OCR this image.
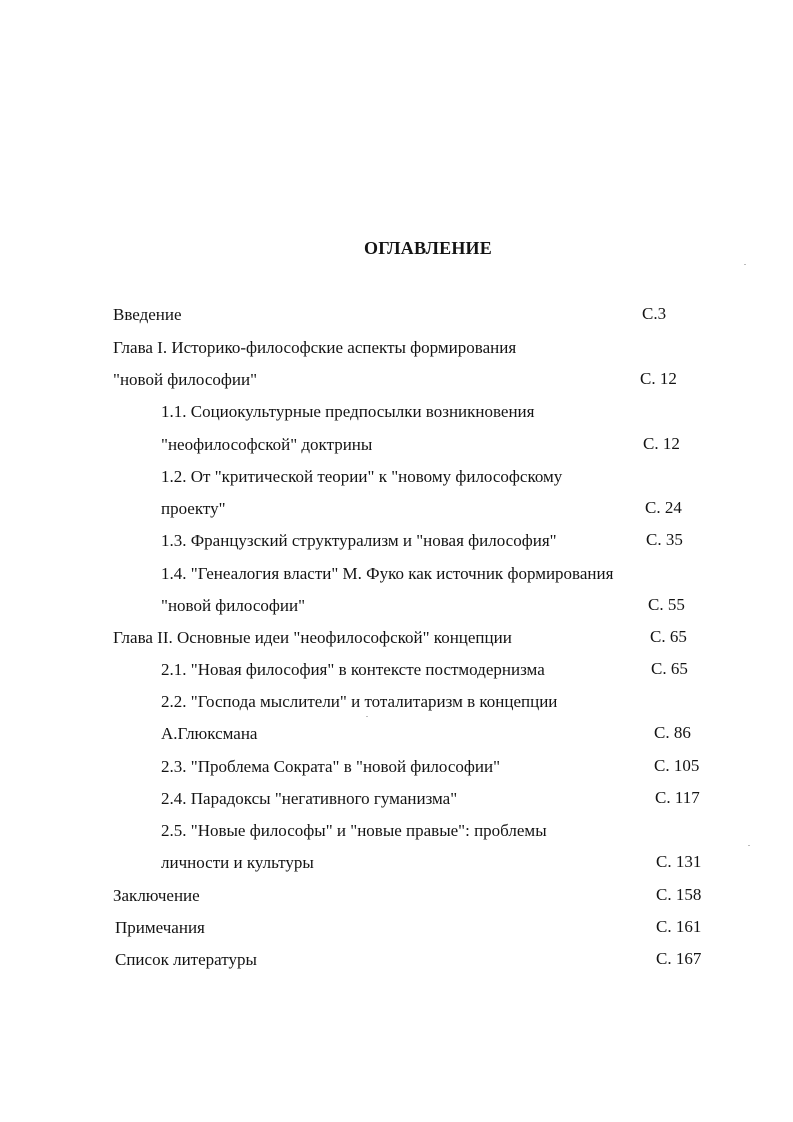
ОГЛАВЛЕНИЕ
Введение	С.3
Глава I. Историко-философские аспекты формирования
"новой философии"	С. 12
1.1. Социокультурные предпосылки возникновения
"неофилософской" доктрины	С. 12
1.2. От "критической теории" к "новому философскому
проекту"	С. 24
1.3. Французский структурализм и "новая философия"	С. 35
1.4. "Генеалогия власти" М. Фуко как источник формирования
"новой философии"	С. 55
Глава II. Основные идеи "неофилософской" концепции	С. 65
2.1. "Новая философия" в контексте постмодернизма	С. 65
2.2. "Господа мыслители" и тоталитаризм в концепции
А.Глюксмана	С. 86
2.3. "Проблема Сократа" в "новой философии"	С. 105
2.4. Парадоксы "негативного гуманизма"	С. 117
2.5. "Новые философы" и "новые правые": проблемы
личности и культуры	С. 131
Заключение	С. 158
Примечания	С. 161
Список литературы	С. 167
